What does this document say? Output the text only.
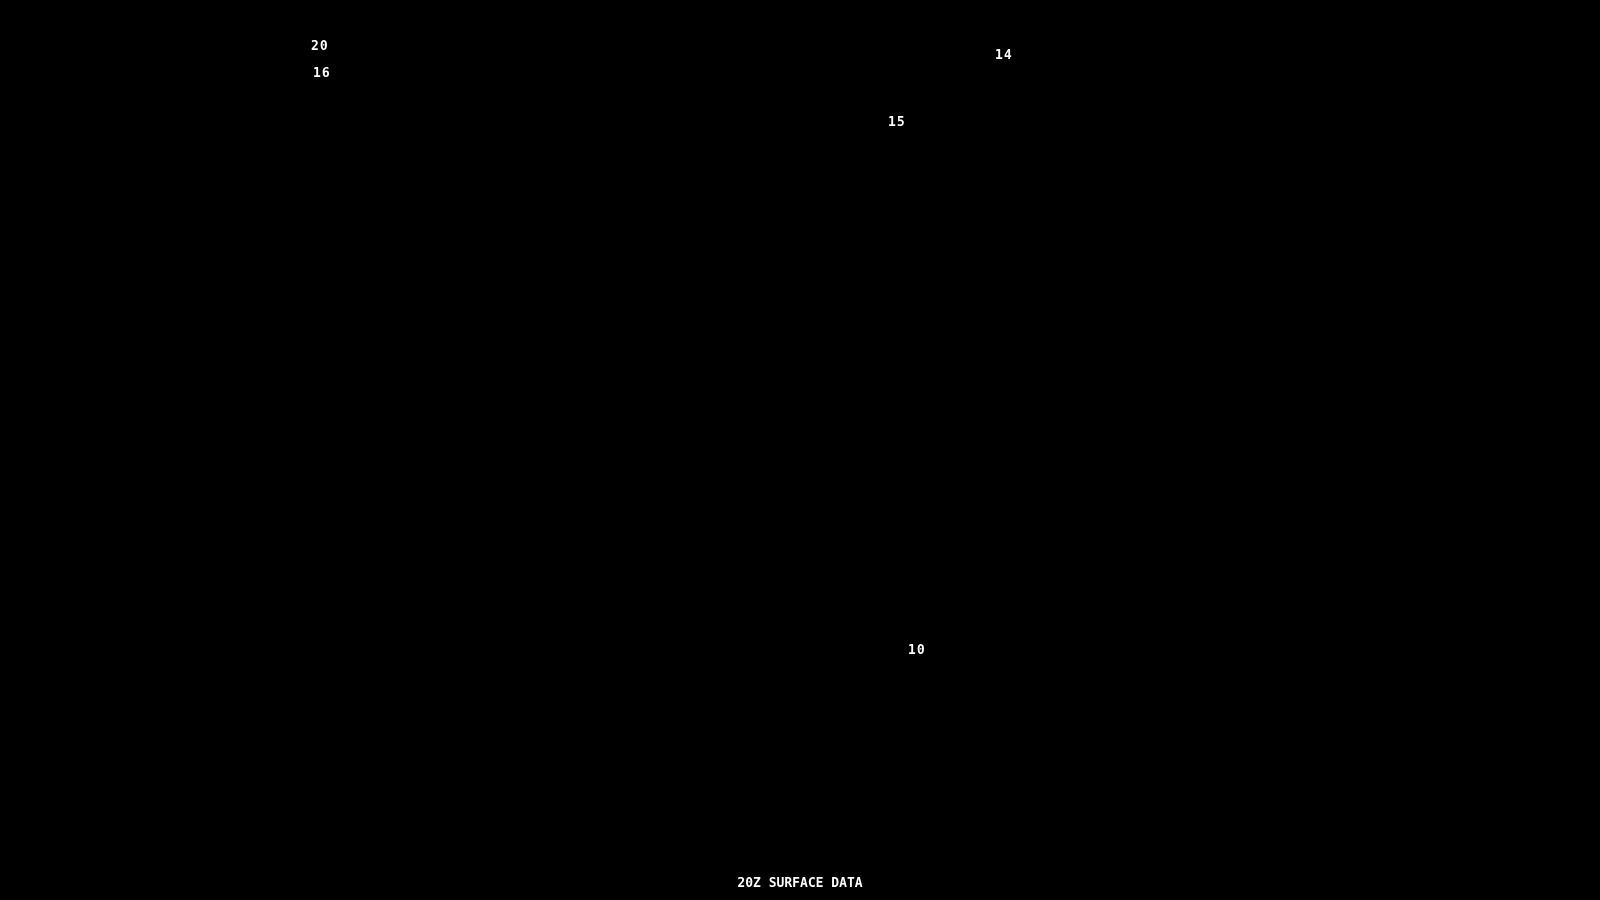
20
16
14
15
10
20Z SURFACE DATA
